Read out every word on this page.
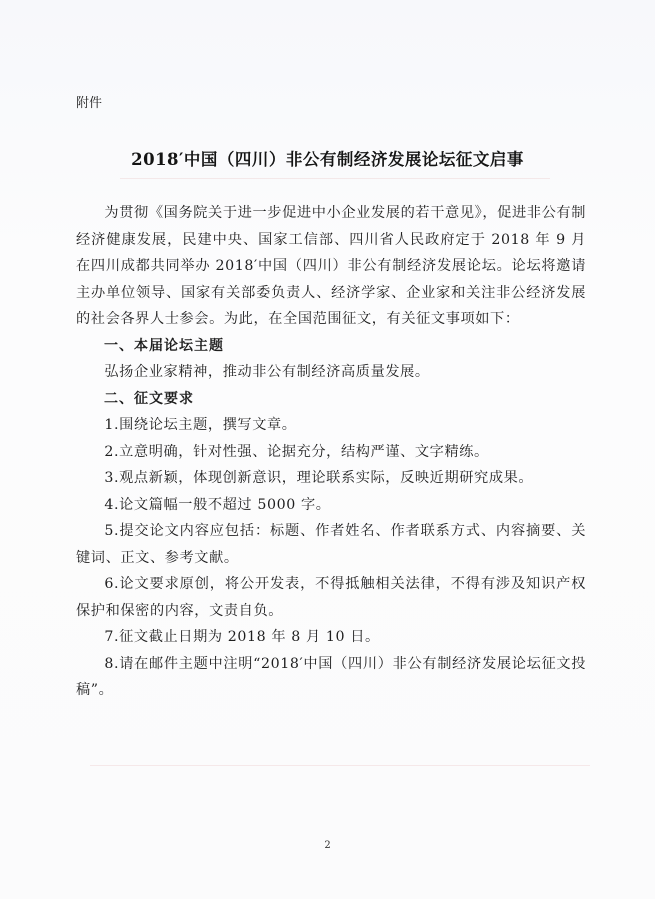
附件
2018′中国（四川）非公有制经济发展论坛征文启事

为贯彻《国务院关于进一步促进中小企业发展的若干意见》，促进非公有制经济健康发展，民建中央、国家工信部、四川省人民政府定于 2018 年 9 月在四川成都共同举办 2018′中国（四川）非公有制经济发展论坛。论坛将邀请主办单位领导、国家有关部委负责人、经济学家、企业家和关注非公经济发展的社会各界人士参会。为此，在全国范围征文，有关征文事项如下：

一、本届论坛主题

弘扬企业家精神，推动非公有制经济高质量发展。

二、征文要求

1.围绕论坛主题，撰写文章。

2.立意明确，针对性强、论据充分，结构严谨、文字精练。

3.观点新颖，体现创新意识，理论联系实际，反映近期研究成果。

4.论文篇幅一般不超过 5000 字。

5.提交论文内容应包括：标题、作者姓名、作者联系方式、内容摘要、关键词、正文、参考文献。

6.论文要求原创，将公开发表，不得抵触相关法律，不得有涉及知识产权保护和保密的内容，文责自负。

7.征文截止日期为 2018 年 8 月 10 日。

8.请在邮件主题中注明“2018′中国（四川）非公有制经济发展论坛征文投稿”。

2
